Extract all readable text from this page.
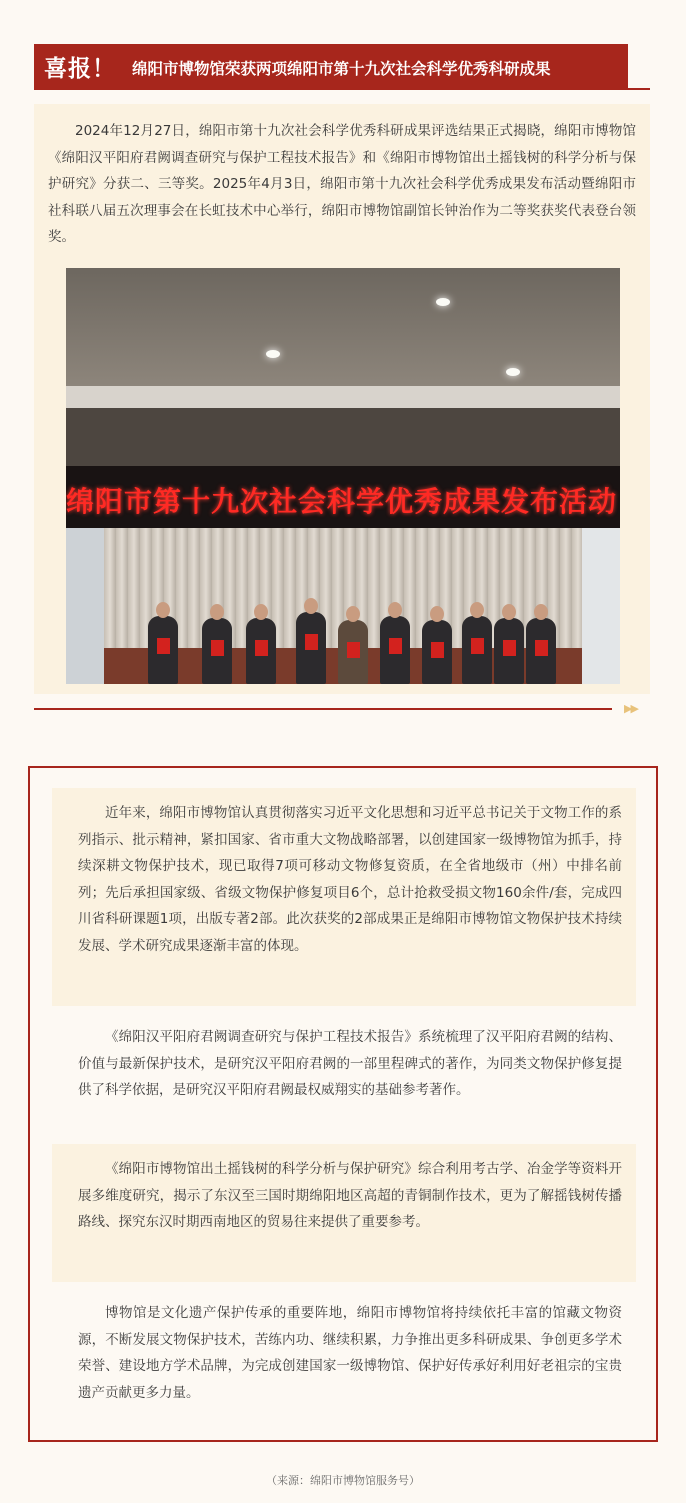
喜报！ 绵阳市博物馆荣获两项绵阳市第十九次社会科学优秀科研成果

2024年12月27日，绵阳市第十九次社会科学优秀科研成果评选结果正式揭晓，绵阳市博物馆《绵阳汉平阳府君阙调查研究与保护工程技术报告》和《绵阳市博物馆出土摇钱树的科学分析与保护研究》分获二、三等奖。2025年4月3日，绵阳市第十九次社会科学优秀成果发布活动暨绵阳市社科联八届五次理事会在长虹技术中心举行，绵阳市博物馆副馆长钟治作为二等奖获奖代表登台领奖。

绵阳市第十九次社会科学优秀成果发布活动
▶▶

近年来，绵阳市博物馆认真贯彻落实习近平文化思想和习近平总书记关于文物工作的系列指示、批示精神，紧扣国家、省市重大文物战略部署，以创建国家一级博物馆为抓手，持续深耕文物保护技术，现已取得7项可移动文物修复资质，在全省地级市（州）中排名前列；先后承担国家级、省级文物保护修复项目6个，总计抢救受损文物160余件/套，完成四川省科研课题1项，出版专著2部。此次获奖的2部成果正是绵阳市博物馆文物保护技术持续发展、学术研究成果逐渐丰富的体现。

《绵阳汉平阳府君阙调查研究与保护工程技术报告》系统梳理了汉平阳府君阙的结构、价值与最新保护技术，是研究汉平阳府君阙的一部里程碑式的著作，为同类文物保护修复提供了科学依据，是研究汉平阳府君阙最权威翔实的基础参考著作。

《绵阳市博物馆出土摇钱树的科学分析与保护研究》综合利用考古学、冶金学等资料开展多维度研究，揭示了东汉至三国时期绵阳地区高超的青铜制作技术，更为了解摇钱树传播路线、探究东汉时期西南地区的贸易往来提供了重要参考。

博物馆是文化遗产保护传承的重要阵地，绵阳市博物馆将持续依托丰富的馆藏文物资源，不断发展文物保护技术，苦练内功、继续积累，力争推出更多科研成果、争创更多学术荣誉、建设地方学术品牌，为完成创建国家一级博物馆、保护好传承好利用好老祖宗的宝贵遗产贡献更多力量。

（来源：绵阳市博物馆服务号）
